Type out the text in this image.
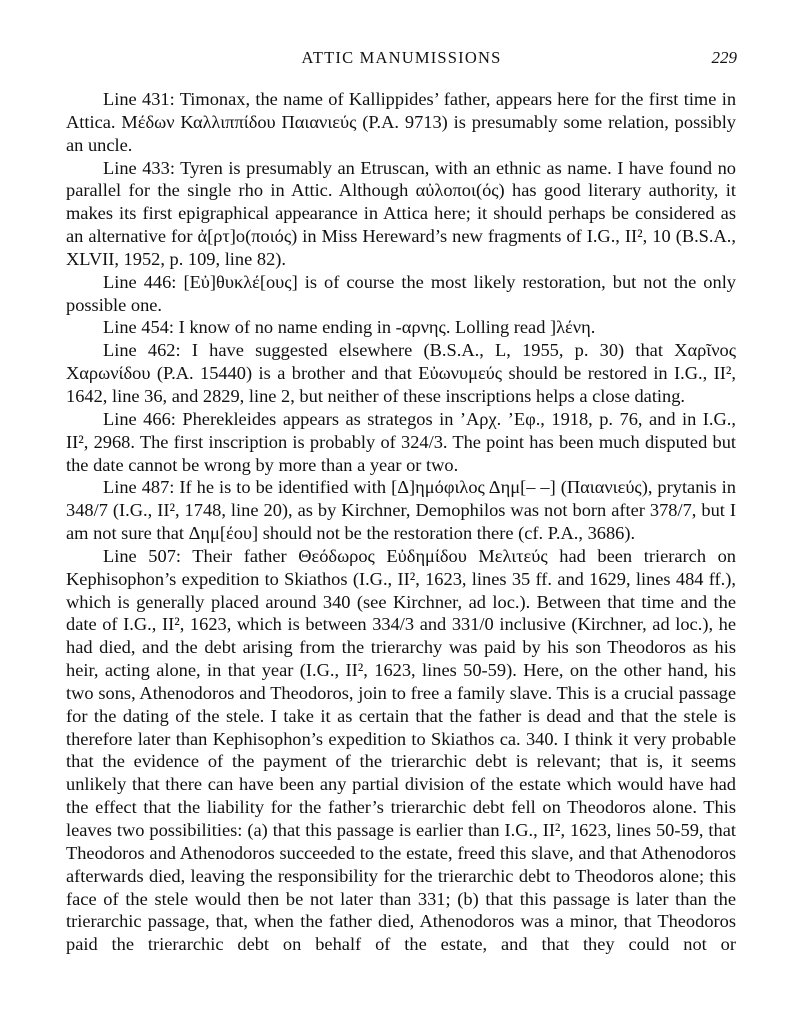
ATTIC MANUMISSIONS	229

Line 431: Timonax, the name of Kallippides’ father, appears here for the first time in Attica. Μέδων Καλλιππίδου Παιανιεύς (P.A. 9713) is presumably some relation, possibly an uncle.

Line 433: Tyren is presumably an Etruscan, with an ethnic as name. I have found no parallel for the single rho in Attic. Although αὐλοποι(ός) has good literary authority, it makes its first epigraphical appearance in Attica here; it should perhaps be considered as an alternative for ἀ[ρτ]ο(ποιός) in Miss Hereward’s new fragments of I.G., II², 10 (B.S.A., XLVII, 1952, p. 109, line 82).

Line 446: [Εὐ]θυκλέ[ους] is of course the most likely restoration, but not the only possible one.

Line 454: I know of no name ending in -αρνης. Lolling read ]λένη.

Line 462: I have suggested elsewhere (B.S.A., L, 1955, p. 30) that Χαρῖνος Χαρωνίδου (P.A. 15440) is a brother and that Εὐωνυμεύς should be restored in I.G., II², 1642, line 36, and 2829, line 2, but neither of these inscriptions helps a close dating.

Line 466: Pherekleides appears as strategos in ’Αρχ. ’Εφ., 1918, p. 76, and in I.G., II², 2968. The first inscription is probably of 324/3. The point has been much disputed but the date cannot be wrong by more than a year or two.

Line 487: If he is to be identified with [Δ]ημόφιλος Δημ[– –] (Παιανιεύς), prytanis in 348/7 (I.G., II², 1748, line 20), as by Kirchner, Demophilos was not born after 378/7, but I am not sure that Δημ[έου] should not be the restoration there (cf. P.A., 3686).

Line 507: Their father Θεόδωρος Εὐδημίδου Μελιτεύς had been trierarch on Kephisophon’s expedition to Skiathos (I.G., II², 1623, lines 35 ff. and 1629, lines 484 ff.), which is generally placed around 340 (see Kirchner, ad loc.). Between that time and the date of I.G., II², 1623, which is between 334/3 and 331/0 inclusive (Kirchner, ad loc.), he had died, and the debt arising from the trierarchy was paid by his son Theodoros as his heir, acting alone, in that year (I.G., II², 1623, lines 50-59). Here, on the other hand, his two sons, Athenodoros and Theodoros, join to free a family slave. This is a crucial passage for the dating of the stele. I take it as certain that the father is dead and that the stele is therefore later than Kephisophon’s expedition to Skiathos ca. 340. I think it very probable that the evidence of the payment of the trierarchic debt is relevant; that is, it seems unlikely that there can have been any partial division of the estate which would have had the effect that the liability for the father’s trierarchic debt fell on Theodoros alone. This leaves two possibilities: (a) that this passage is earlier than I.G., II², 1623, lines 50-59, that Theodoros and Athenodoros succeeded to the estate, freed this slave, and that Athenodoros afterwards died, leaving the responsibility for the trierarchic debt to Theodoros alone; this face of the stele would then be not later than 331; (b) that this passage is later than the trierarchic passage, that, when the father died, Athenodoros was a minor, that Theodoros paid the trierarchic debt on behalf of the estate, and that they could not or
